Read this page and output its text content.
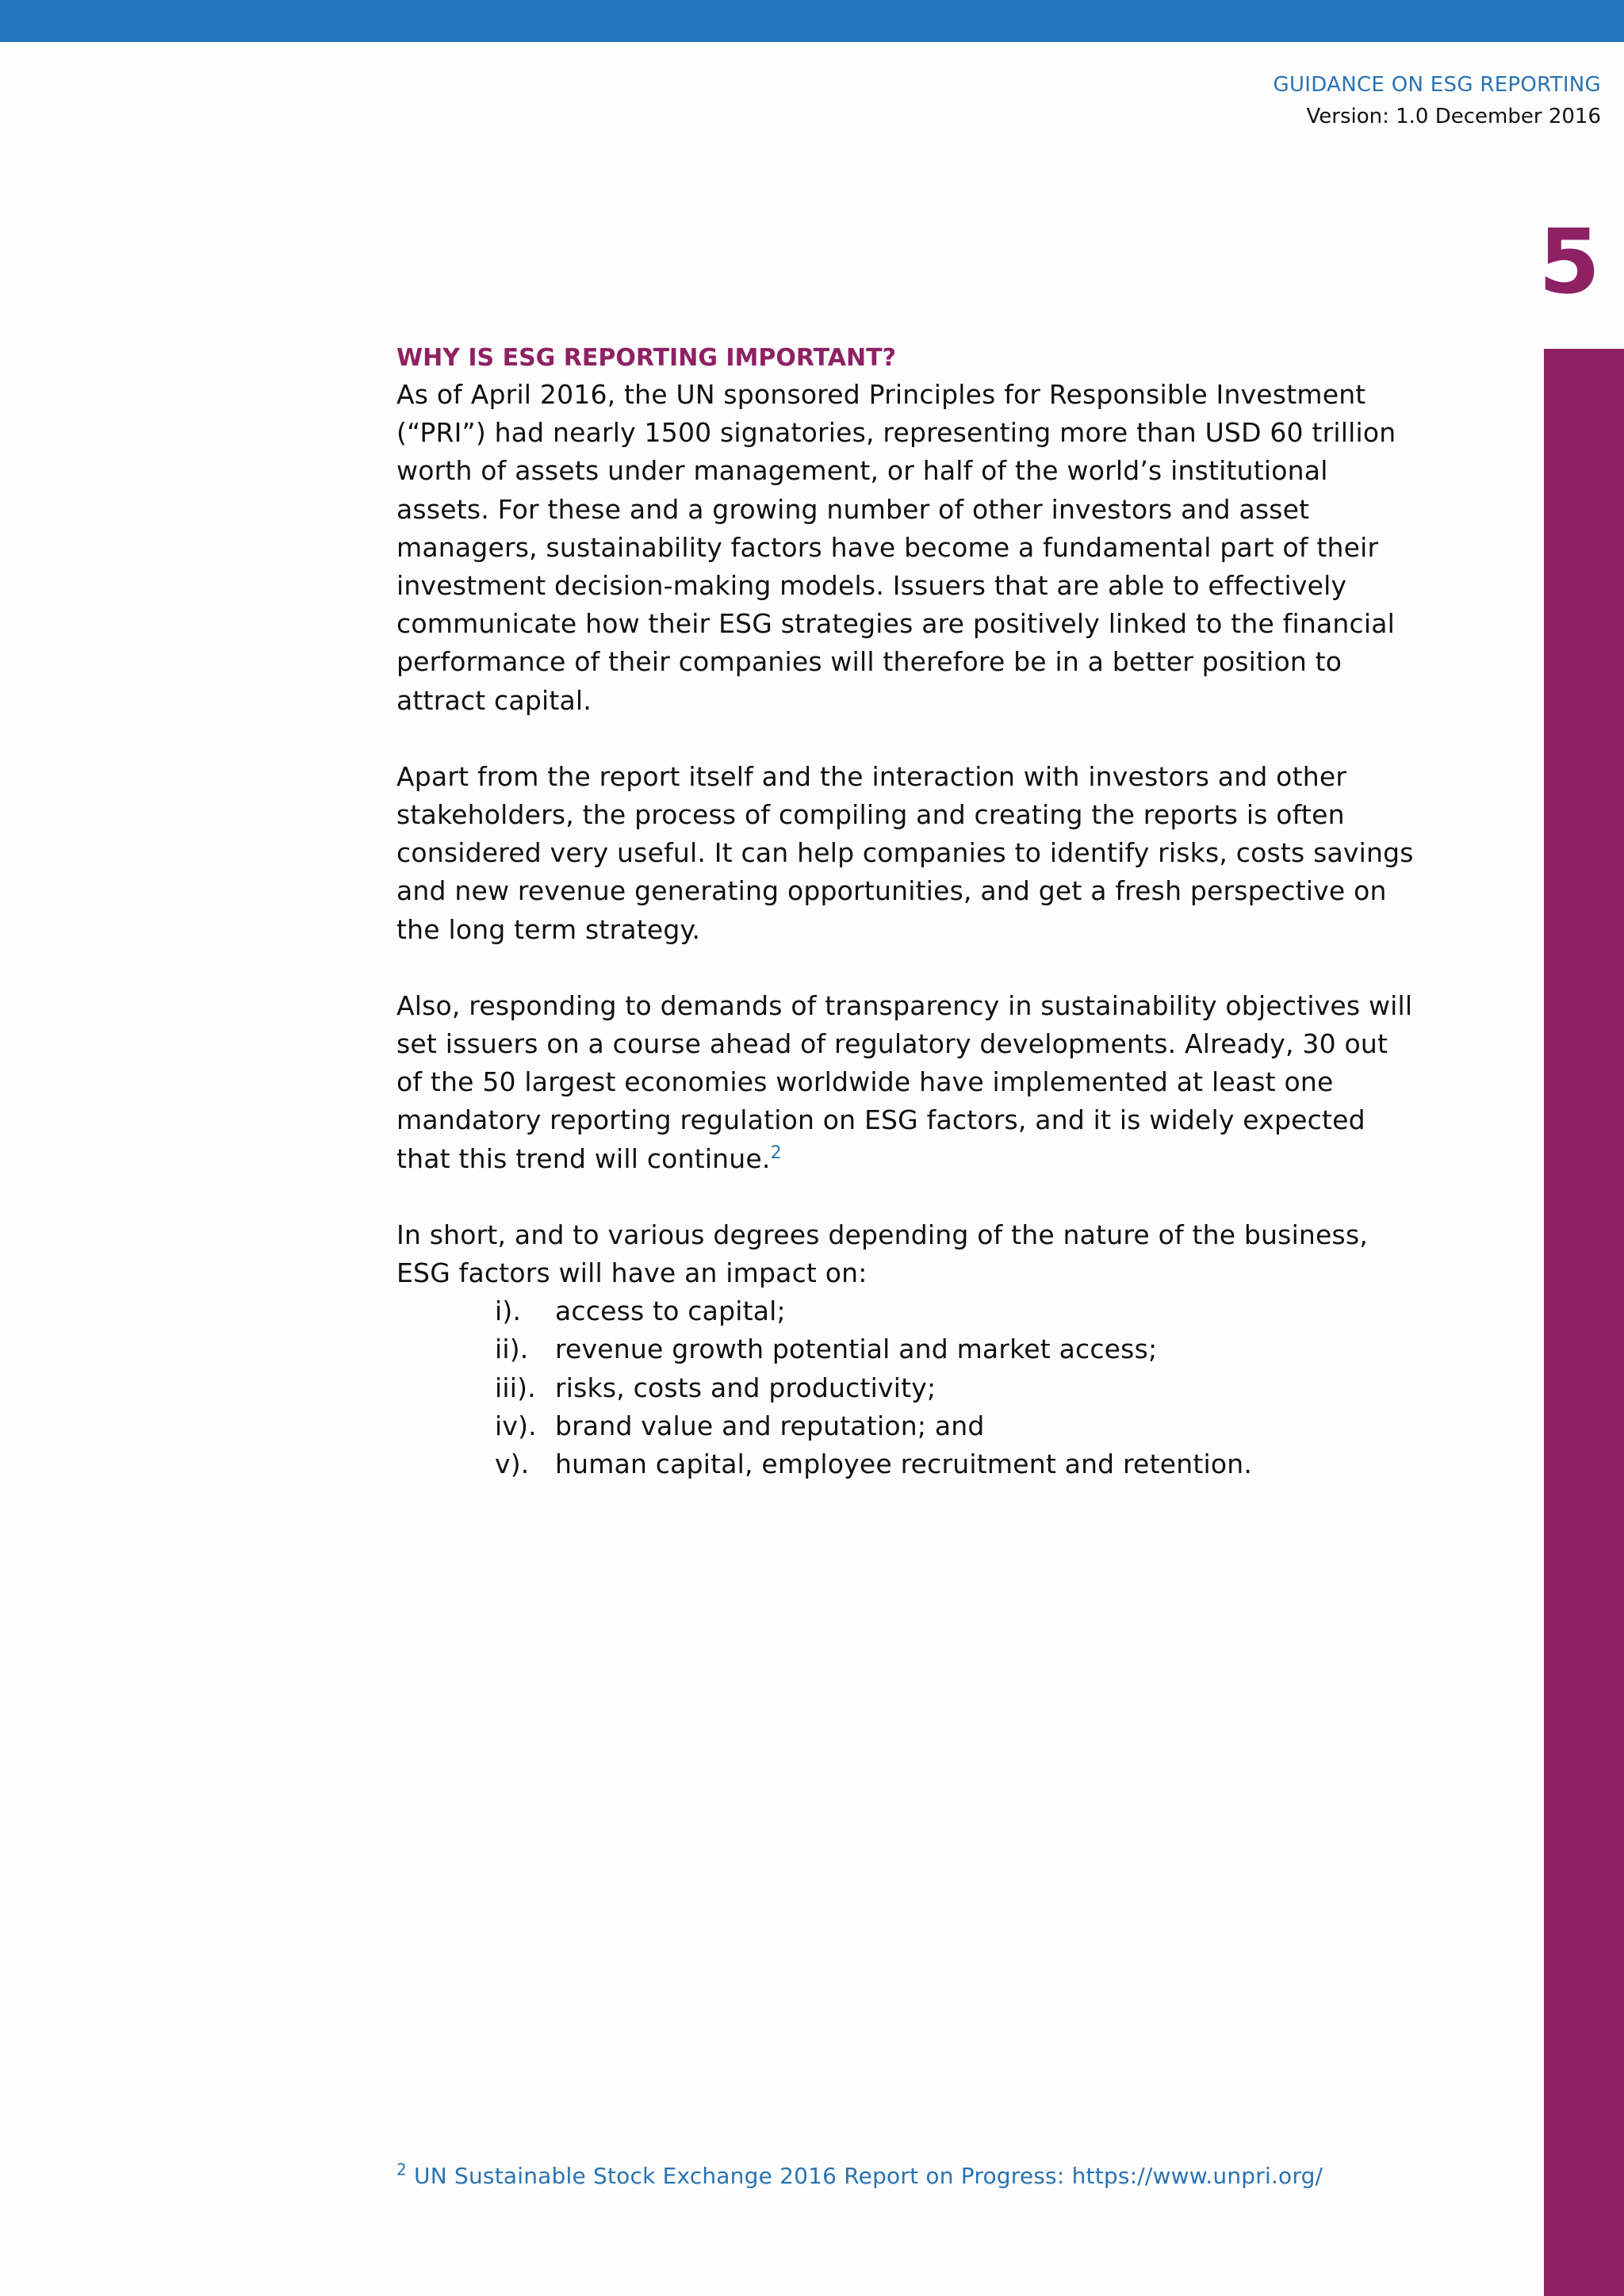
GUIDANCE ON ESG REPORTING
Version: 1.0 December 2016
5
WHY IS ESG REPORTING IMPORTANT?

As of April 2016, the UN sponsored Principles for Responsible Investment (“PRI”) had nearly 1500 signatories, representing more than USD 60 trillion worth of assets under management, or half of the world’s institutional assets. For these and a growing number of other investors and asset managers, sustainability factors have become a fundamental part of their investment decision-making models. Issuers that are able to effectively communicate how their ESG strategies are positively linked to the financial performance of their companies will therefore be in a better position to attract capital.

Apart from the report itself and the interaction with investors and other stakeholders, the process of compiling and creating the reports is often considered very useful. It can help companies to identify risks, costs savings and new revenue generating opportunities, and get a fresh perspective on the long term strategy.

Also, responding to demands of transparency in sustainability objectives will set issuers on a course ahead of regulatory developments. Already, 30 out of the 50 largest economies worldwide have implemented at least one mandatory reporting regulation on ESG factors, and it is widely expected that this trend will continue.$^2$

In short, and to various degrees depending of the nature of the business, ESG factors will have an impact on:

i). access to capital;
ii). revenue growth potential and market access;
iii). risks, costs and productivity;
iv). brand value and reputation; and
v). human capital, employee recruitment and retention.
$^2$ UN Sustainable Stock Exchange 2016 Report on Progress: https://www.unpri.org/
